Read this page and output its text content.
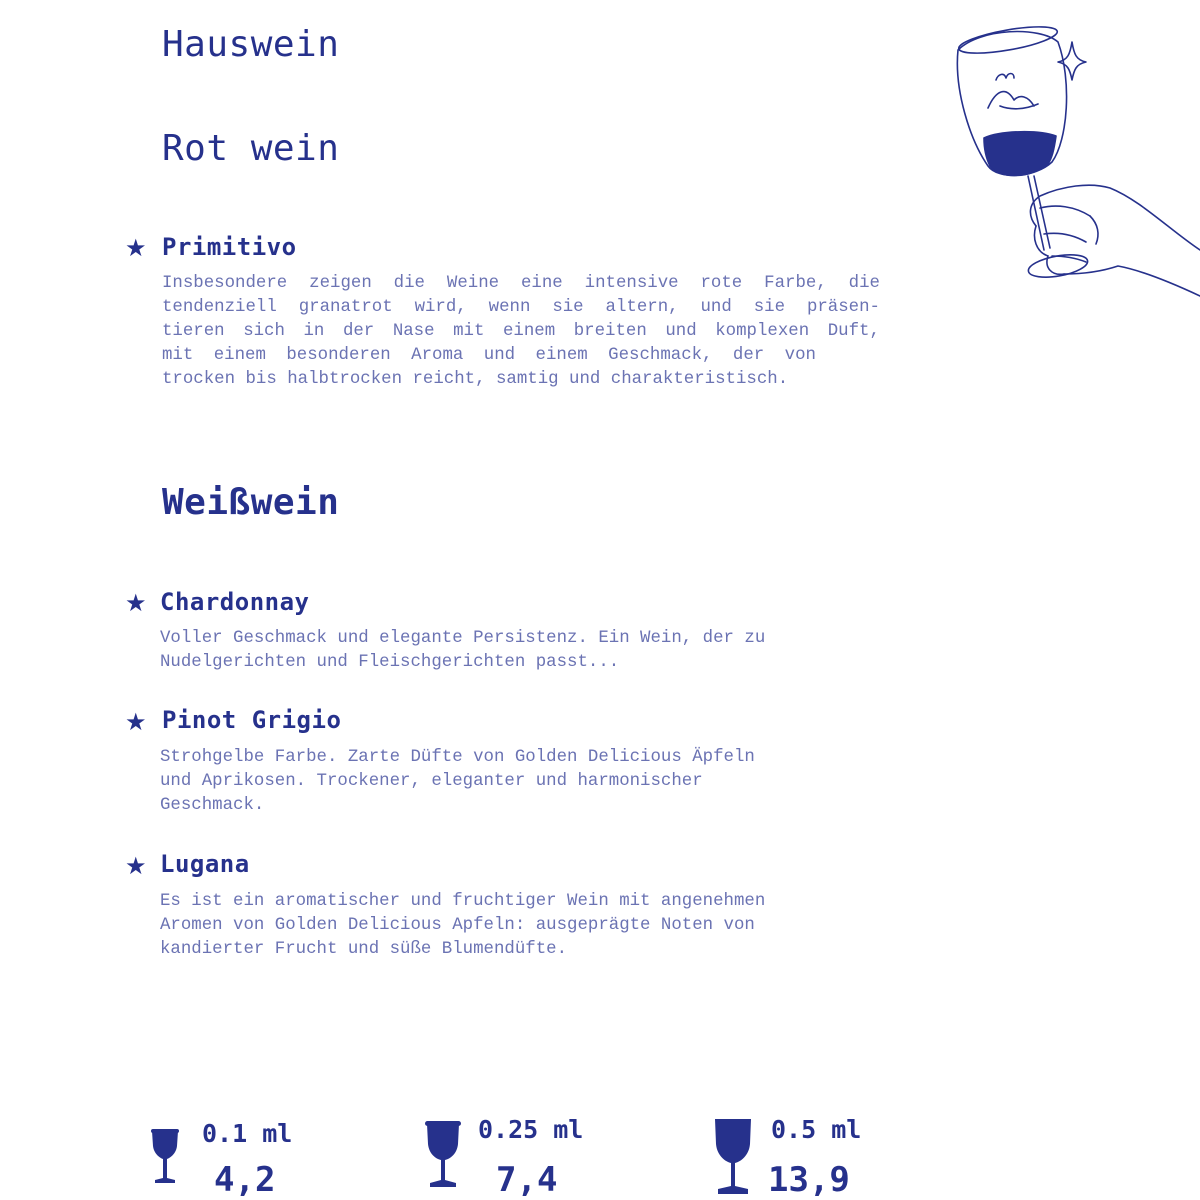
Hauswein
Rot wein
★ Primitivo
Insbesondere zeigen die Weine eine intensive rote Farbe, die
tendenziell granatrot wird, wenn sie altern, und sie präsen-
tieren sich in der Nase mit einem breiten und komplexen Duft,
mit einem besonderen Aroma und einem Geschmack, der von
trocken bis halbtrocken reicht, samtig und charakteristisch.
Weißwein
★ Chardonnay
Voller Geschmack und elegante Persistenz. Ein Wein, der zu
Nudelgerichten und Fleischgerichten passt...
★ Pinot Grigio
Strohgelbe Farbe. Zarte Düfte von Golden Delicious Äpfeln
und Aprikosen. Trockener, eleganter und harmonischer
Geschmack.
★ Lugana
Es ist ein aromatischer und fruchtiger Wein mit angenehmen
Aromen von Golden Delicious Apfeln: ausgeprägte Noten von
kandierter Frucht und süße Blumendüfte.
0.1 ml
4,2
0.25 ml
7,4
0.5 ml
13,9
